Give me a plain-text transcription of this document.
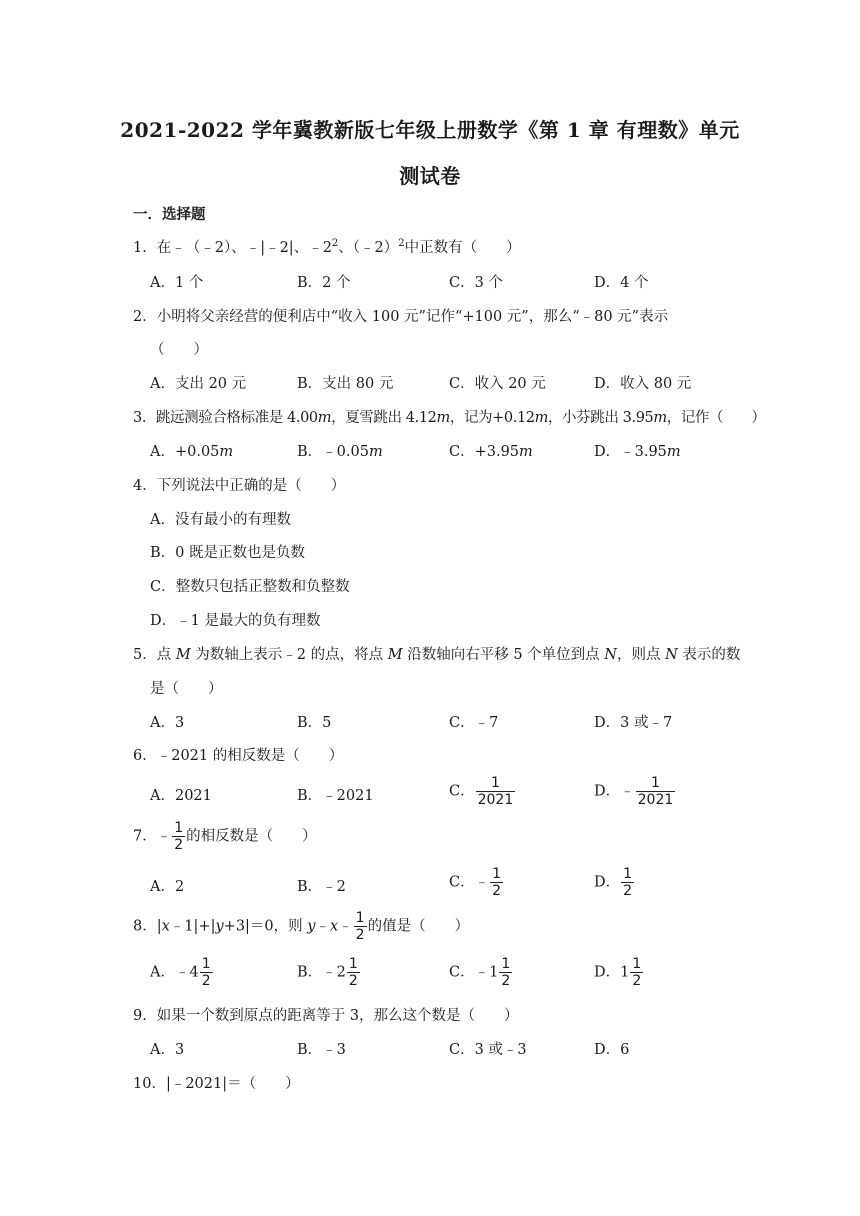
2021-2022 学年冀教新版七年级上册数学《第 1 章 有理数》单元
测试卷
一．选择题
1．在﹣（﹣2）、﹣|﹣2|、$﹣2^2$、（﹣2）$^2$中正数有（　　）
A．1 个	B．2 个	C．3 个	D．4 个
2．小明将父亲经营的便利店中“收入 100 元”记作“+100 元”，那么“﹣80 元”表示
（　　）
A．支出 20 元	B．支出 80 元	C．收入 20 元	D．收入 80 元
3．跳远测验合格标准是 4.00m，夏雪跳出 4.12m，记为+0.12m，小芬跳出 3.95m，记作（　　）
A．+0.05m	B．﹣0.05m	C．+3.95m	D．﹣3.95m
4．下列说法中正确的是（　　）
A．没有最小的有理数
B．0 既是正数也是负数
C．整数只包括正整数和负整数
D．﹣1 是最大的负有理数
5．点 M 为数轴上表示﹣2 的点，将点 M 沿数轴向右平移 5 个单位到点 N，则点 N 表示的数
是（　　）
A．3	B．5	C．﹣7	D．3 或﹣7
6．﹣2021 的相反数是（　　）
A．2021	B．﹣2021	C． $\frac{1}{2021}$	D．﹣ $\frac{1}{2021}$
7．﹣ $\frac{1}{2}$ 的相反数是（　　）
A．2	B．﹣2	C．﹣ $\frac{1}{2}$	D． $\frac{1}{2}$
8．|x﹣1|+|y+3|＝0，则 y﹣x﹣ $\frac{1}{2}$ 的值是（　　）
A．﹣4 $\frac{1}{2}$	B．﹣2 $\frac{1}{2}$	C．﹣1 $\frac{1}{2}$	D．$1 \frac{1}{2}$
9．如果一个数到原点的距离等于 3，那么这个数是（　　）
A．3	B．﹣3	C．3 或﹣3	D．6
10．|﹣2021|＝（　　）
